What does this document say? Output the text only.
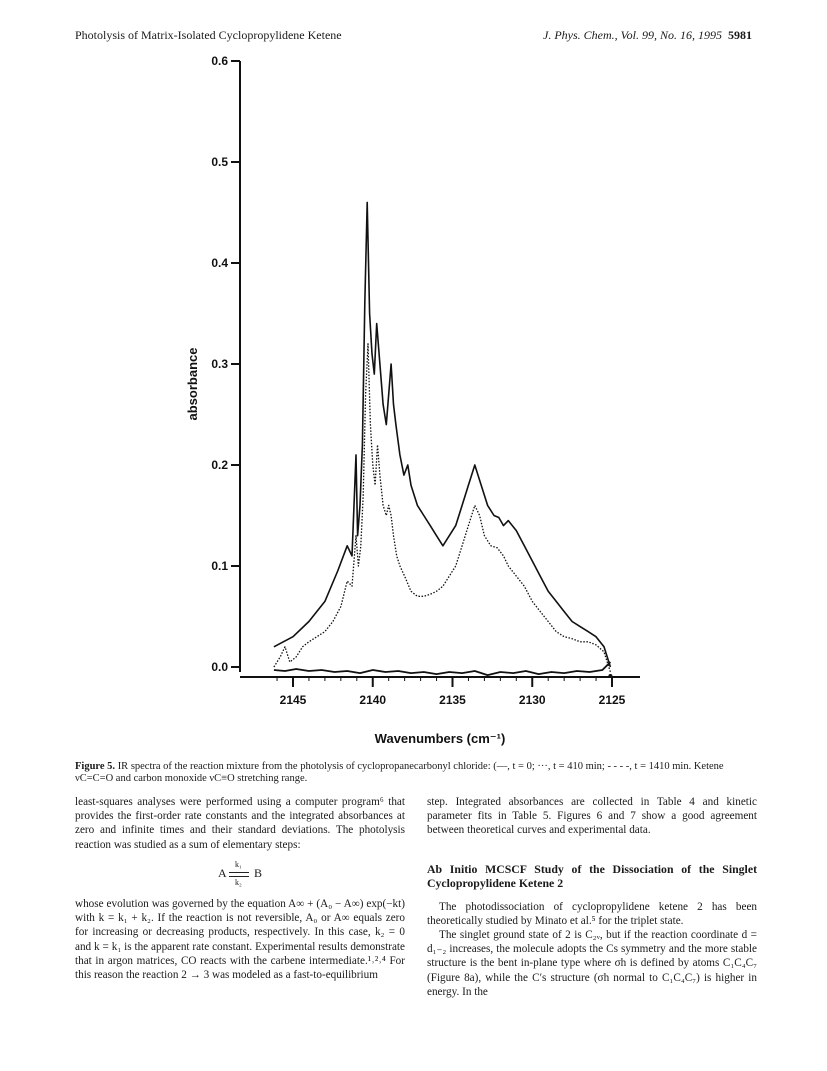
Photolysis of Matrix-Isolated Cyclopropylidene Ketene	J. Phys. Chem., Vol. 99, No. 16, 1995 5981
0.6
0.5
0.4
0.3
0.2
0.1
0.0
2145	2140	2135	2130	2125
Wavenumbers (cm⁻¹)
absorbance
Figure 5. IR spectra of the reaction mixture from the photolysis of cyclopropanecarbonyl chloride: (—, t = 0; ···, t = 410 min; - - - -, t = 1410 min. Ketene νC=C=O and carbon monoxide νC≡O stretching range.

least-squares analyses were performed using a computer program⁶ that provides the first-order rate constants and the integrated absorbances at zero and infinite times and their standard deviations. The photolysis reaction was studied as a sum of elementary steps:

A $\frac{\text{k₁}}{\text{k₂}}$ B

whose evolution was governed by the equation A∞ + (A₀ − A∞) exp(−kt) with k = k₁ + k₂. If the reaction is not reversible, A₀ or A∞ equals zero for increasing or decreasing products, respectively. In this case, k₂ = 0 and k = k₁ is the apparent rate constant. Experimental results demonstrate that in argon matrices, CO reacts with the carbene intermediate.¹˒²˒⁴ For this reason the reaction 2 → 3 was modeled as a fast-to-equilibrium

step. Integrated absorbances are collected in Table 4 and kinetic parameter fits in Table 5. Figures 6 and 7 show a good agreement between theoretical curves and experimental data.

Ab Initio MCSCF Study of the Dissociation of the Singlet Cyclopropylidene Ketene 2

The photodissociation of cyclopropylidene ketene 2 has been theoretically studied by Minato et al.⁵ for the triplet state.

The singlet ground state of 2 is C₂ᵥ, but if the reaction coordinate d = d₁₋₂ increases, the molecule adopts the Cs symmetry and the more stable structure is the bent in-plane type where σh is defined by atoms C₁C₄C₇ (Figure 8a), while the C′s structure (σh normal to C₁C₄C₇) is higher in energy. In the
